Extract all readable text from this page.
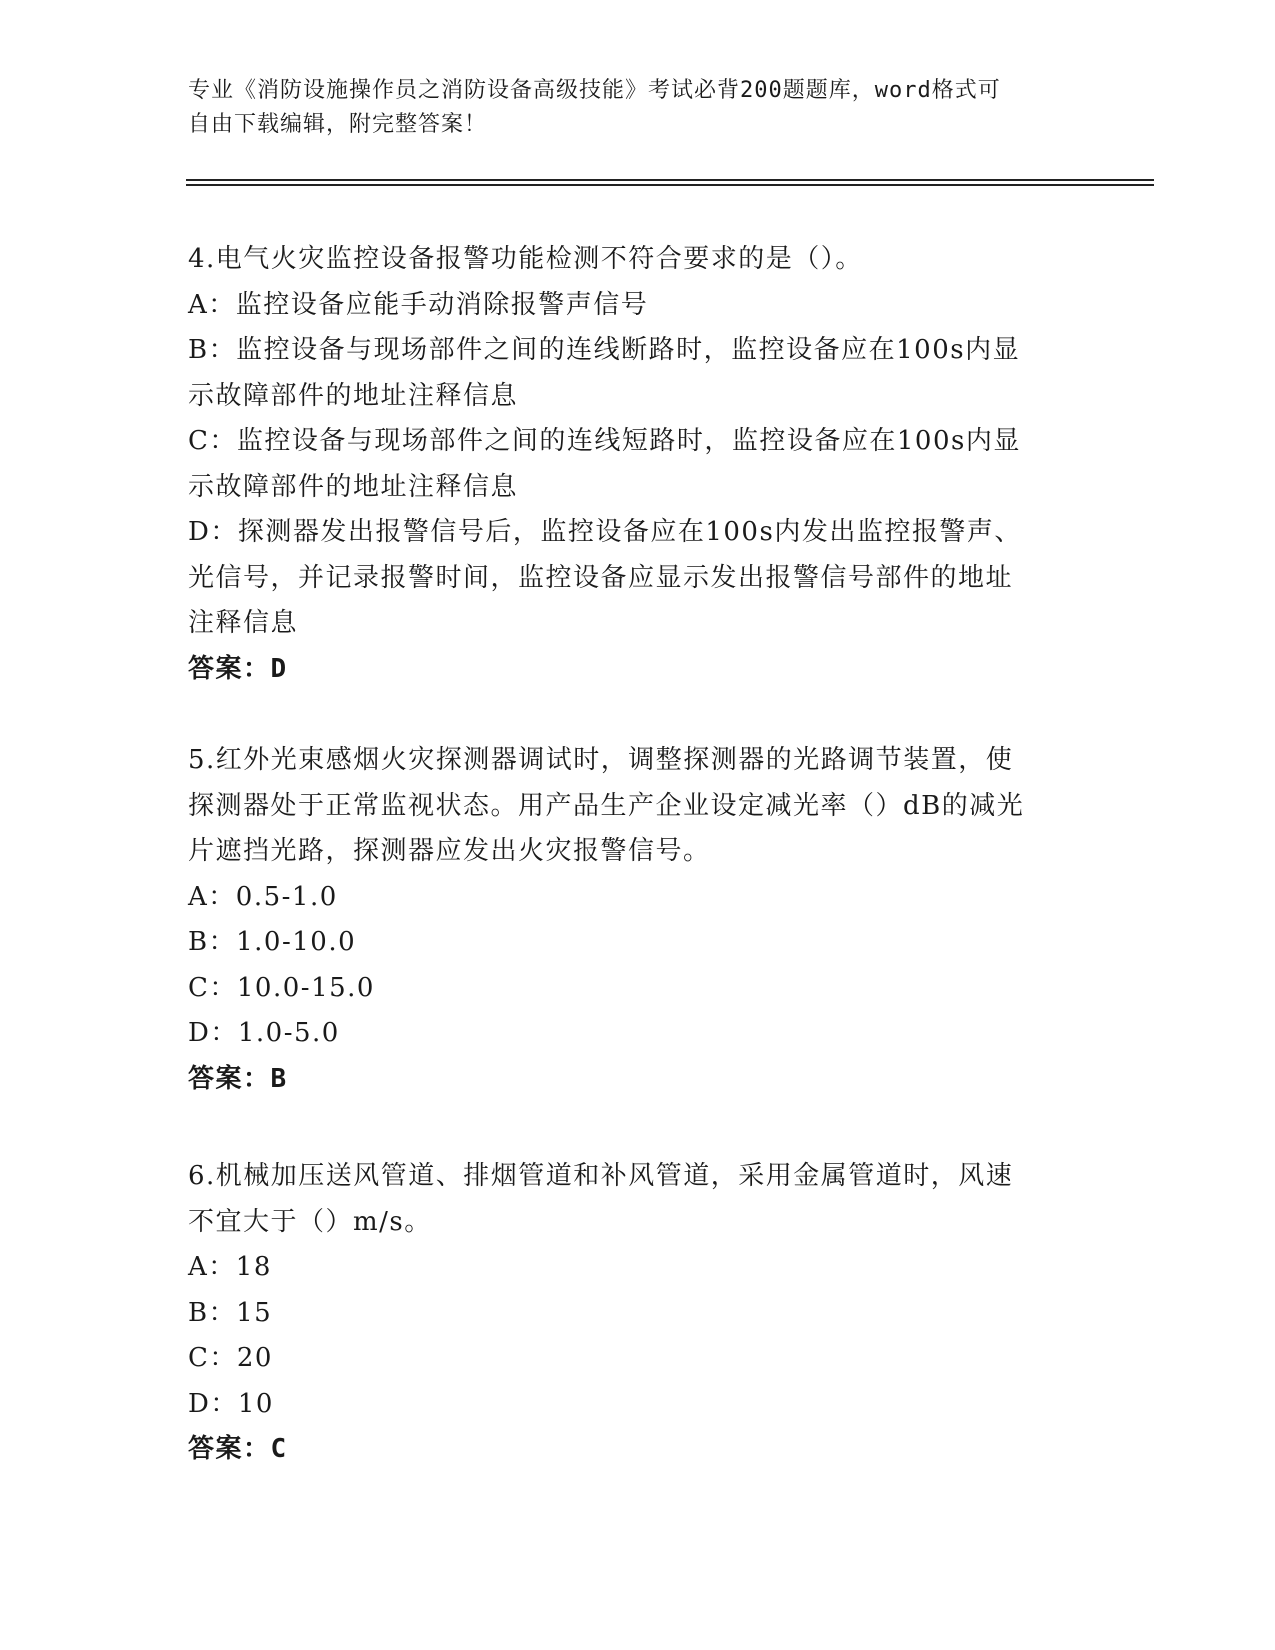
专业《消防设施操作员之消防设备高级技能》考试必背200题题库，word格式可
自由下载编辑，附完整答案！

4.电气火灾监控设备报警功能检测不符合要求的是（）。

A：监控设备应能手动消除报警声信号

B：监控设备与现场部件之间的连线断路时，监控设备应在100s内显

示故障部件的地址注释信息

C：监控设备与现场部件之间的连线短路时，监控设备应在100s内显

示故障部件的地址注释信息

D：探测器发出报警信号后，监控设备应在100s内发出监控报警声、

光信号，并记录报警时间，监控设备应显示发出报警信号部件的地址

注释信息

答案：D

5.红外光束感烟火灾探测器调试时，调整探测器的光路调节装置，使

探测器处于正常监视状态。用产品生产企业设定减光率（）dB的减光

片遮挡光路，探测器应发出火灾报警信号。

A：0.5-1.0

B：1.0-10.0

C：10.0-15.0

D：1.0-5.0

答案：B

6.机械加压送风管道、排烟管道和补风管道，采用金属管道时，风速

不宜大于（）m/s。

A：18

B：15

C：20

D：10

答案：C
